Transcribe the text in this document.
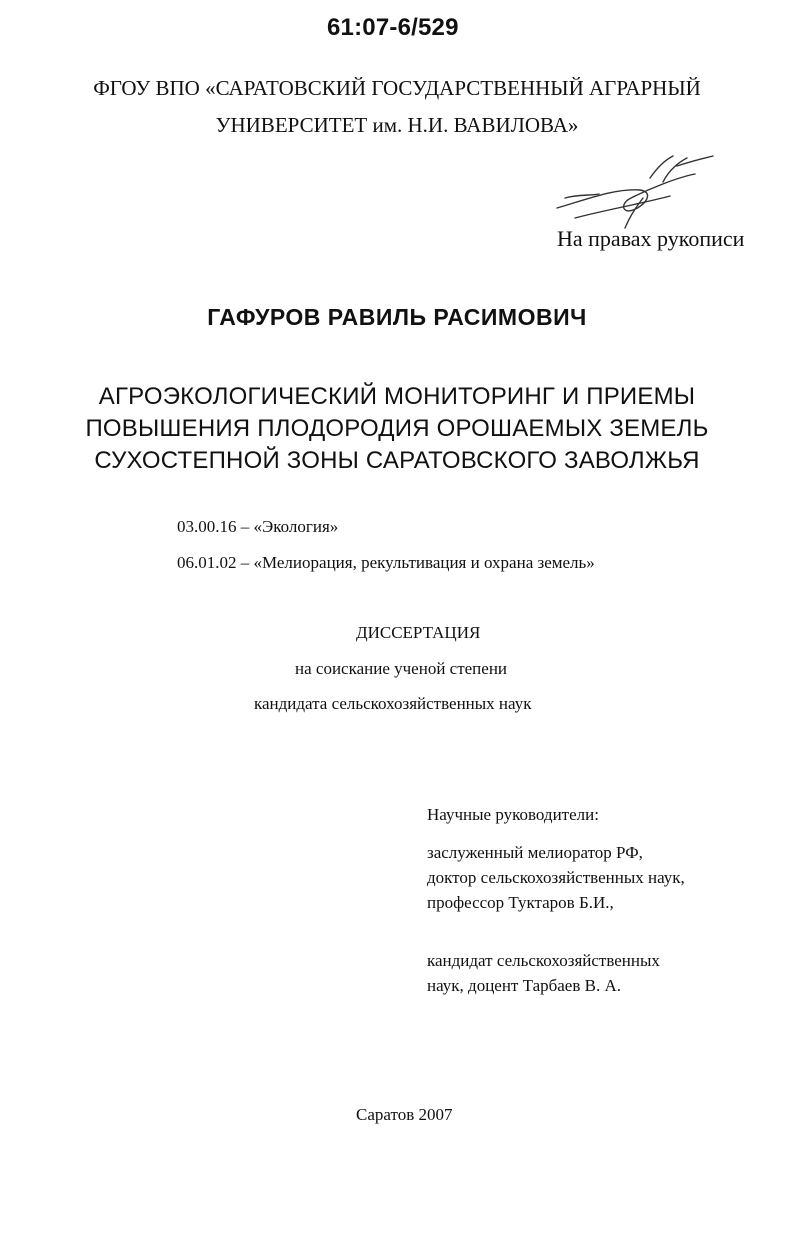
61:07-6/529
ФГОУ ВПО «САРАТОВСКИЙ ГОСУДАРСТВЕННЫЙ АГРАРНЫЙ
УНИВЕРСИТЕТ им. Н.И. ВАВИЛОВА»
На правах рукописи
ГАФУРОВ РАВИЛЬ РАСИМОВИЧ
АГРОЭКОЛОГИЧЕСКИЙ МОНИТОРИНГ И ПРИЕМЫ
ПОВЫШЕНИЯ ПЛОДОРОДИЯ ОРОШАЕМЫХ ЗЕМЕЛЬ
СУХОСТЕПНОЙ ЗОНЫ САРАТОВСКОГО ЗАВОЛЖЬЯ
03.00.16 – «Экология»
06.01.02 – «Мелиорация, рекультивация и охрана земель»
ДИССЕРТАЦИЯ
на соискание ученой степени
кандидата сельскохозяйственных наук
Научные руководители:
заслуженный мелиоратор РФ,
доктор сельскохозяйственных наук,
профессор Туктаров Б.И.,
кандидат сельскохозяйственных
наук, доцент Тарбаев В. А.
Саратов 2007
